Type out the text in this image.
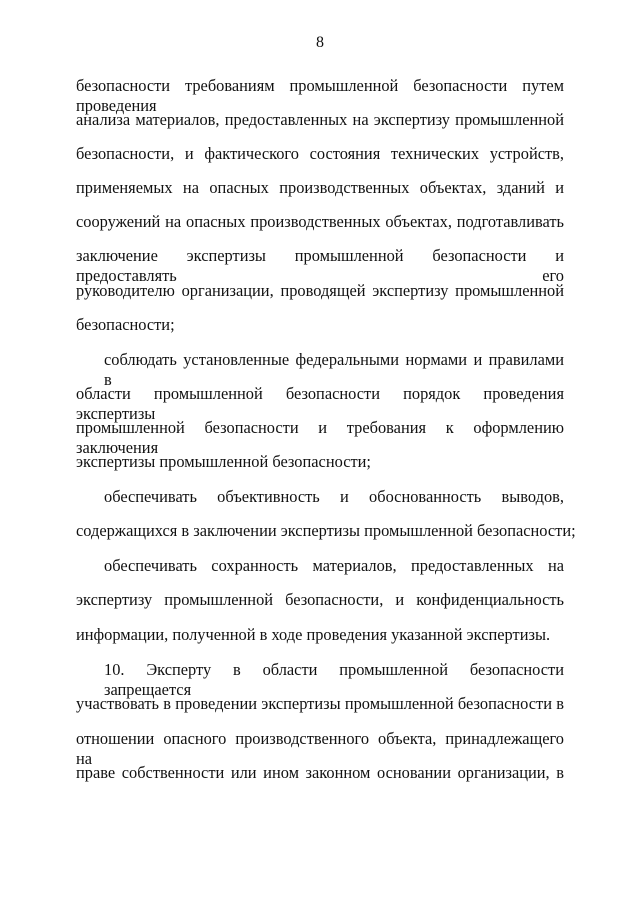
8
безопасности требованиям промышленной безопасности путем проведения
анализа материалов, предоставленных на экспертизу промышленной
безопасности, и фактического состояния технических устройств,
применяемых на опасных производственных объектах, зданий и
сооружений на опасных производственных объектах, подготавливать
заключение экспертизы промышленной безопасности и предоставлять его
руководителю организации, проводящей экспертизу промышленной
безопасности;
соблюдать установленные федеральными нормами и правилами в
области промышленной безопасности порядок проведения экспертизы
промышленной безопасности и требования к оформлению заключения
экспертизы промышленной безопасности;
обеспечивать объективность и обоснованность выводов,
содержащихся в заключении экспертизы промышленной безопасности;
обеспечивать сохранность материалов, предоставленных на
экспертизу промышленной безопасности, и конфиденциальность
информации, полученной в ходе проведения указанной экспертизы.
10. Эксперту в области промышленной безопасности запрещается
участвовать в проведении экспертизы промышленной безопасности в
отношении опасного производственного объекта, принадлежащего на
праве собственности или ином законном основании организации, в
